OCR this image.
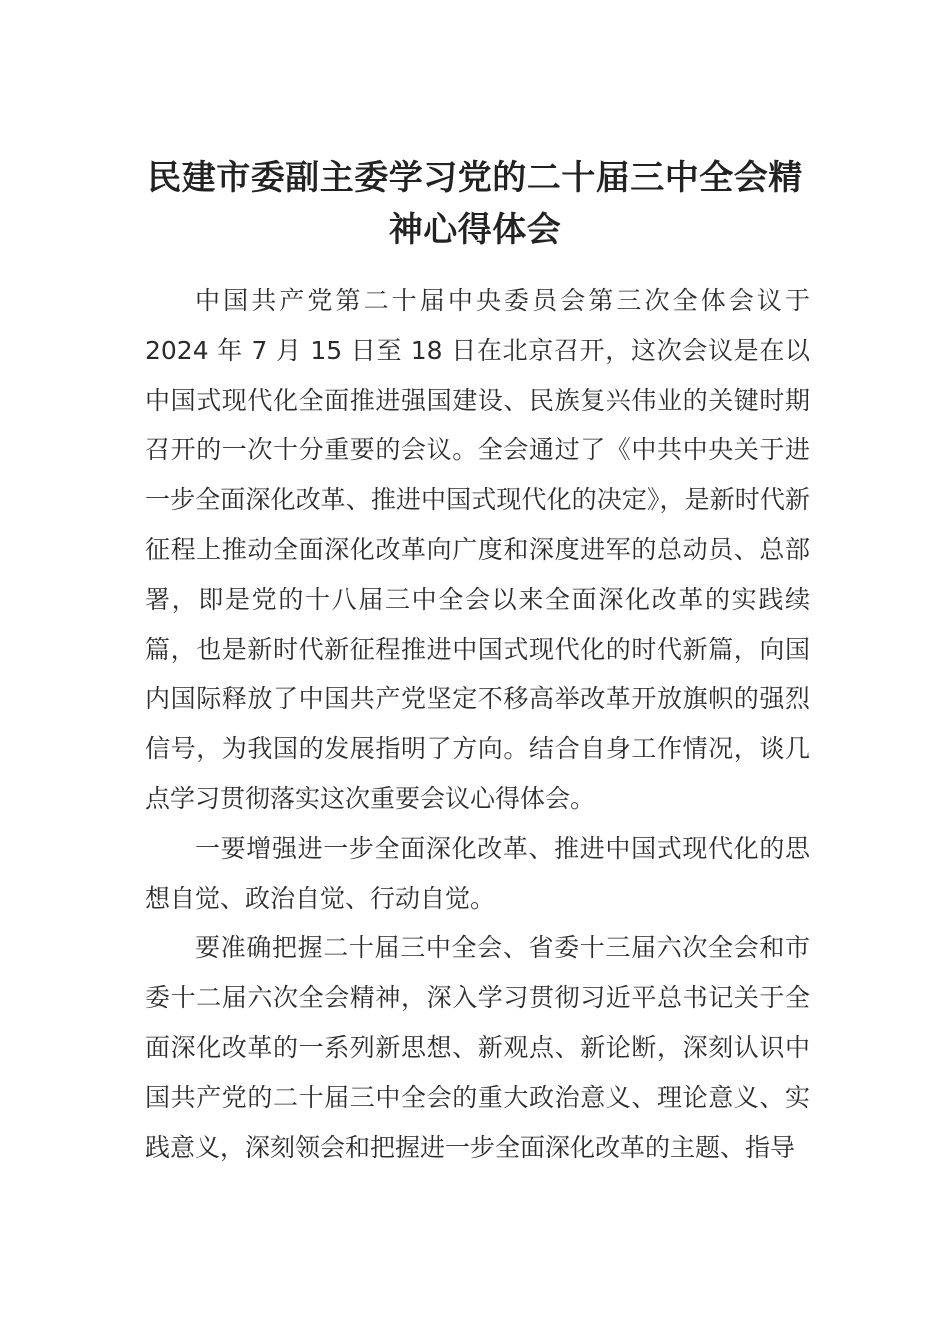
民建市委副主委学习党的二十届三中全会精神心得体会

中国共产党第二十届中央委员会第三次全体会议于 2024 年 7 月 15 日至 18 日在北京召开，这次会议是在以中国式现代化全面推进强国建设、民族复兴伟业的关键时期召开的一次十分重要的会议。全会通过了《中共中央关于进一步全面深化改革、推进中国式现代化的决定》，是新时代新征程上推动全面深化改革向广度和深度进军的总动员、总部署，即是党的十八届三中全会以来全面深化改革的实践续篇，也是新时代新征程推进中国式现代化的时代新篇，向国内国际释放了中国共产党坚定不移高举改革开放旗帜的强烈信号，为我国的发展指明了方向。结合自身工作情况，谈几点学习贯彻落实这次重要会议心得体会。

一要增强进一步全面深化改革、推进中国式现代化的思想自觉、政治自觉、行动自觉。

要准确把握二十届三中全会、省委十三届六次全会和市委十二届六次全会精神，深入学习贯彻习近平总书记关于全面深化改革的一系列新思想、新观点、新论断，深刻认识中国共产党的二十届三中全会的重大政治意义、理论意义、实践意义，深刻领会和把握进一步全面深化改革的主题、指导
